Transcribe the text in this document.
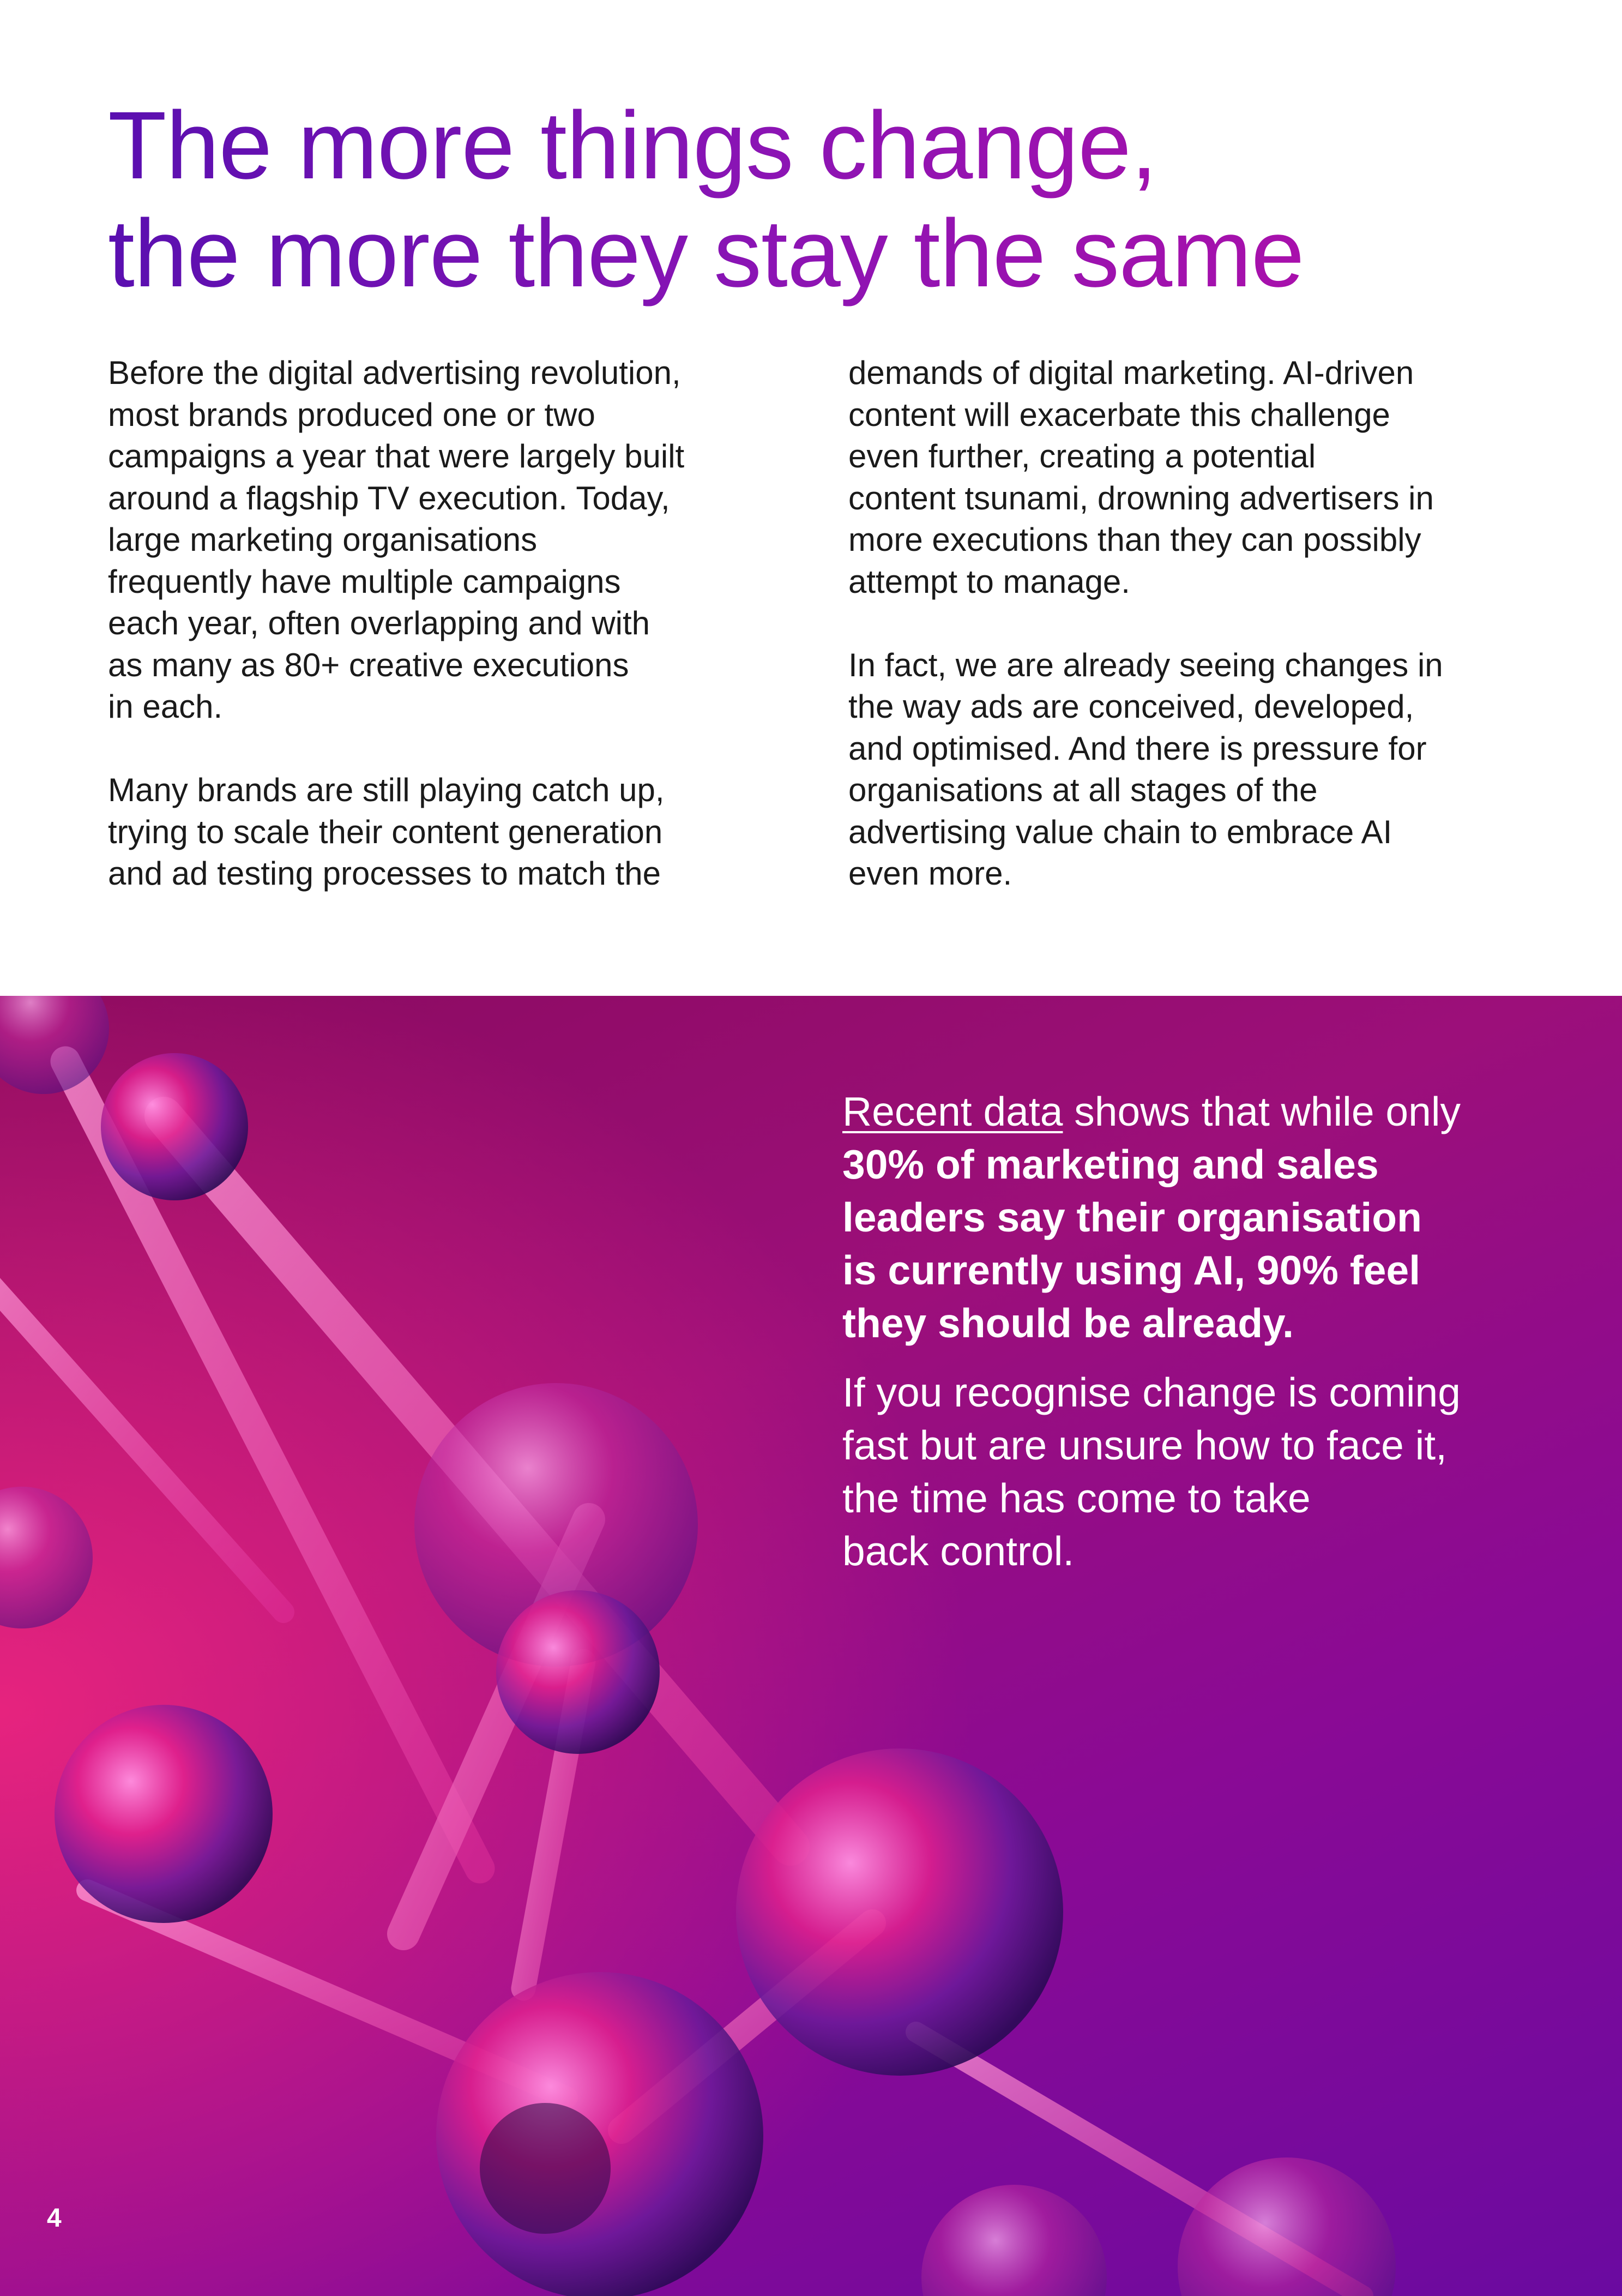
The more things change,
the more they stay the same

Before the digital advertising revolution,
most brands produced one or two
campaigns a year that were largely built
around a flagship TV execution. Today,
large marketing organisations
frequently have multiple campaigns
each year, often overlapping and with
as many as 80+ creative executions
in each.

Many brands are still playing catch up,
trying to scale their content generation
and ad testing processes to match the

demands of digital marketing. AI-driven
content will exacerbate this challenge
even further, creating a potential
content tsunami, drowning advertisers in
more executions than they can possibly
attempt to manage.

In fact, we are already seeing changes in
the way ads are conceived, developed,
and optimised. And there is pressure for
organisations at all stages of the
advertising value chain to embrace AI
even more.

Recent data shows that while only
30% of marketing and sales
leaders say their organisation
is currently using AI, 90% feel
they should be already.

If you recognise change is coming
fast but are unsure how to face it,
the time has come to take
back control.

4
